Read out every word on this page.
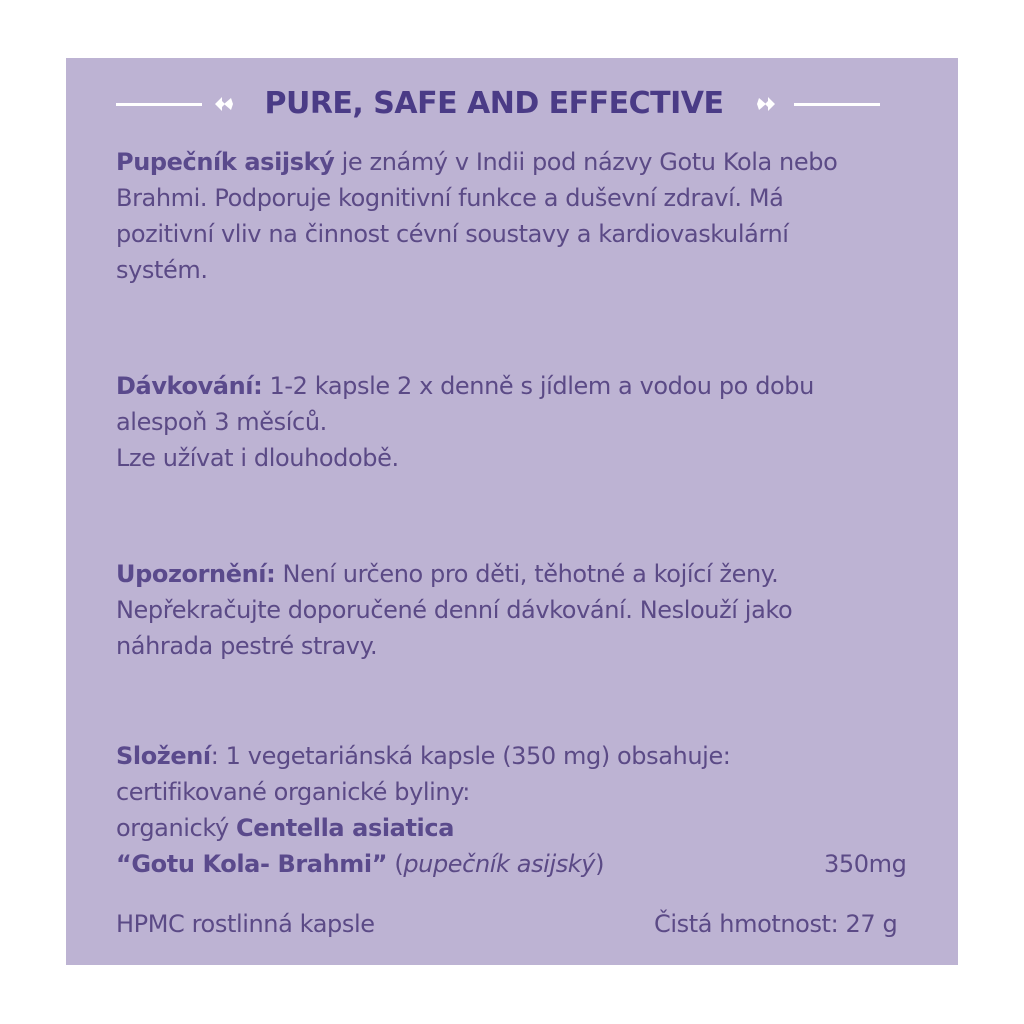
PURE, SAFE AND EFFECTIVE
Pupečník asijský je známý v Indii pod názvy Gotu Kola nebo
Brahmi. Podporuje kognitivní funkce a duševní zdraví. Má
pozitivní vliv na činnost cévní soustavy a kardiovaskulární
systém.
Dávkování: 1-2 kapsle 2 x denně s jídlem a vodou po dobu
alespoň 3 měsíců.
Lze užívat i dlouhodobě.
Upozornění: Není určeno pro děti, těhotné a kojící ženy.
Nepřekračujte doporučené denní dávkování. Neslouží jako
náhrada pestré stravy.
Složení: 1 vegetariánská kapsle (350 mg) obsahuje:
certifikované organické byliny:
organický Centella asiatica
“Gotu Kola- Brahmi” (pupečník asijský)	350mg
HPMC rostlinná kapsle	Čistá hmotnost: 27 g
